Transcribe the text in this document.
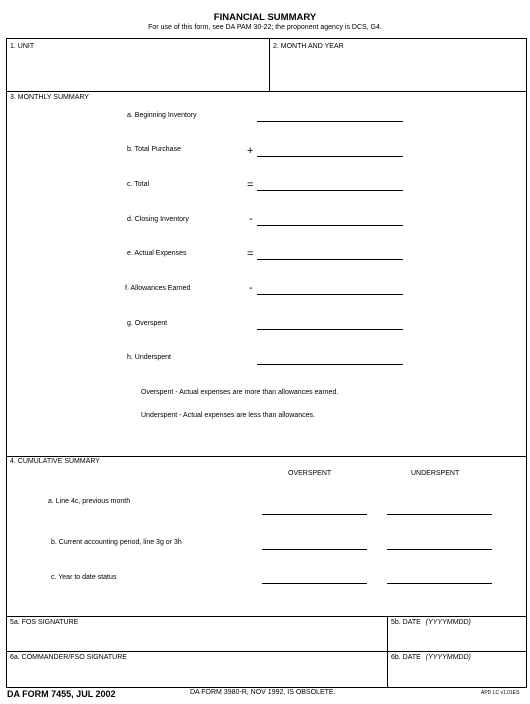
FINANCIAL SUMMARY
For use of this form, see DA PAM 30-22; the proponent agency is DCS, G4.
1. UNIT	2. MONTH AND YEAR
3. MONTHLY SUMMARY
a. Beginning Inventory
b. Total Purchase	+
c. Total	=
d. Closing Inventory	-
e. Actual Expenses	=
f. Allowances Earned	-
g. Overspent
h. Underspent
Overspent - Actual expenses are more than allowances earned.
Underspent - Actual expenses are less than allowances.
4. CUMULATIVE SUMMARY
OVERSPENT	UNDERSPENT
a. Line 4c, previous month
b. Current accounting period, line 3g or 3h
c. Year to date status
5a. FOS SIGNATURE	5b. DATE (YYYYMMDD)
6a. COMMANDER/FSO SIGNATURE	6b. DATE (YYYYMMDD)
DA FORM 7455, JUL 2002	DA FORM 3980-R, NOV 1992, IS OBSOLETE.	APD LC v1.01ES
